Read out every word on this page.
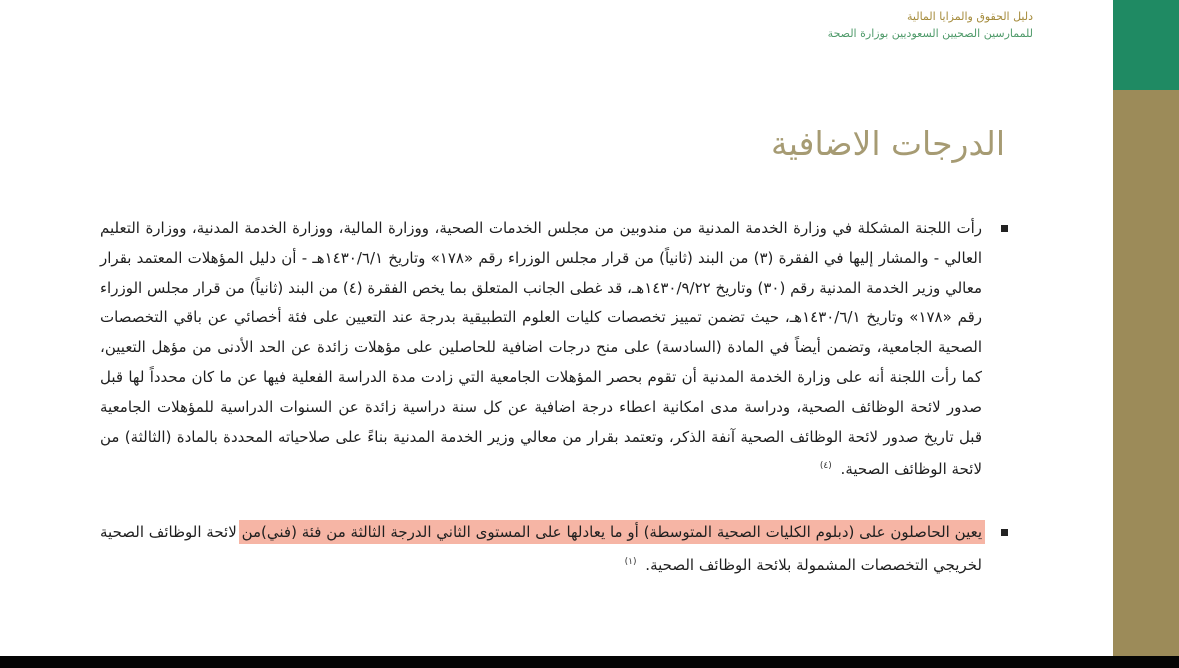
دليل الحقوق والمزايا المالية
للممارسين الصحيين السعوديين بوزارة الصحة
الدرجات الاضافية
رأت اللجنة المشكلة في وزارة الخدمة المدنية من مندوبين من مجلس الخدمات الصحية، ووزارة المالية، ووزارة الخدمة المدنية، ووزارة التعليم العالي - والمشار إليها في الفقرة (٣) من البند (ثانياً) من قرار مجلس الوزراء رقم «١٧٨» وتاريخ ١٤٣٠/٦/١هـ - أن دليل المؤهلات المعتمد بقرار معالي وزير الخدمة المدنية رقم (٣٠) وتاريخ ١٤٣٠/٩/٢٢هـ، قد غطى الجانب المتعلق بما يخص الفقرة (٤) من البند (ثانياً) من قرار مجلس الوزراء رقم «١٧٨» وتاريخ ١٤٣٠/٦/١هـ، حيث تضمن تمييز تخصصات كليات العلوم التطبيقية بدرجة عند التعيين على فئة أخصائي عن باقي التخصصات الصحية الجامعية، وتضمن أيضاً في المادة (السادسة) على منح درجات اضافية للحاصلين على مؤهلات زائدة عن الحد الأدنى من مؤهل التعيين، كما رأت اللجنة أنه على وزارة الخدمة المدنية أن تقوم بحصر المؤهلات الجامعية التي زادت مدة الدراسة الفعلية فيها عن ما كان محدداً لها قبل صدور لائحة الوظائف الصحية، ودراسة مدى امكانية اعطاء درجة اضافية عن كل سنة دراسية زائدة عن السنوات الدراسية للمؤهلات الجامعية قبل تاريخ صدور لائحة الوظائف الصحية آنفة الذكر، وتعتمد بقرار من معالي وزير الخدمة المدنية بناءً على صلاحياته المحددة بالمادة (الثالثة) من لائحة الوظائف الصحية. $^{(٤)}$
يعين الحاصلون على (دبلوم الكليات الصحية المتوسطة) أو ما يعادلها على المستوى الثاني الدرجة الثالثة من فئة (فني)من لائحة الوظائف الصحية لخريجي التخصصات المشمولة بلائحة الوظائف الصحية. $^{(١)}$
